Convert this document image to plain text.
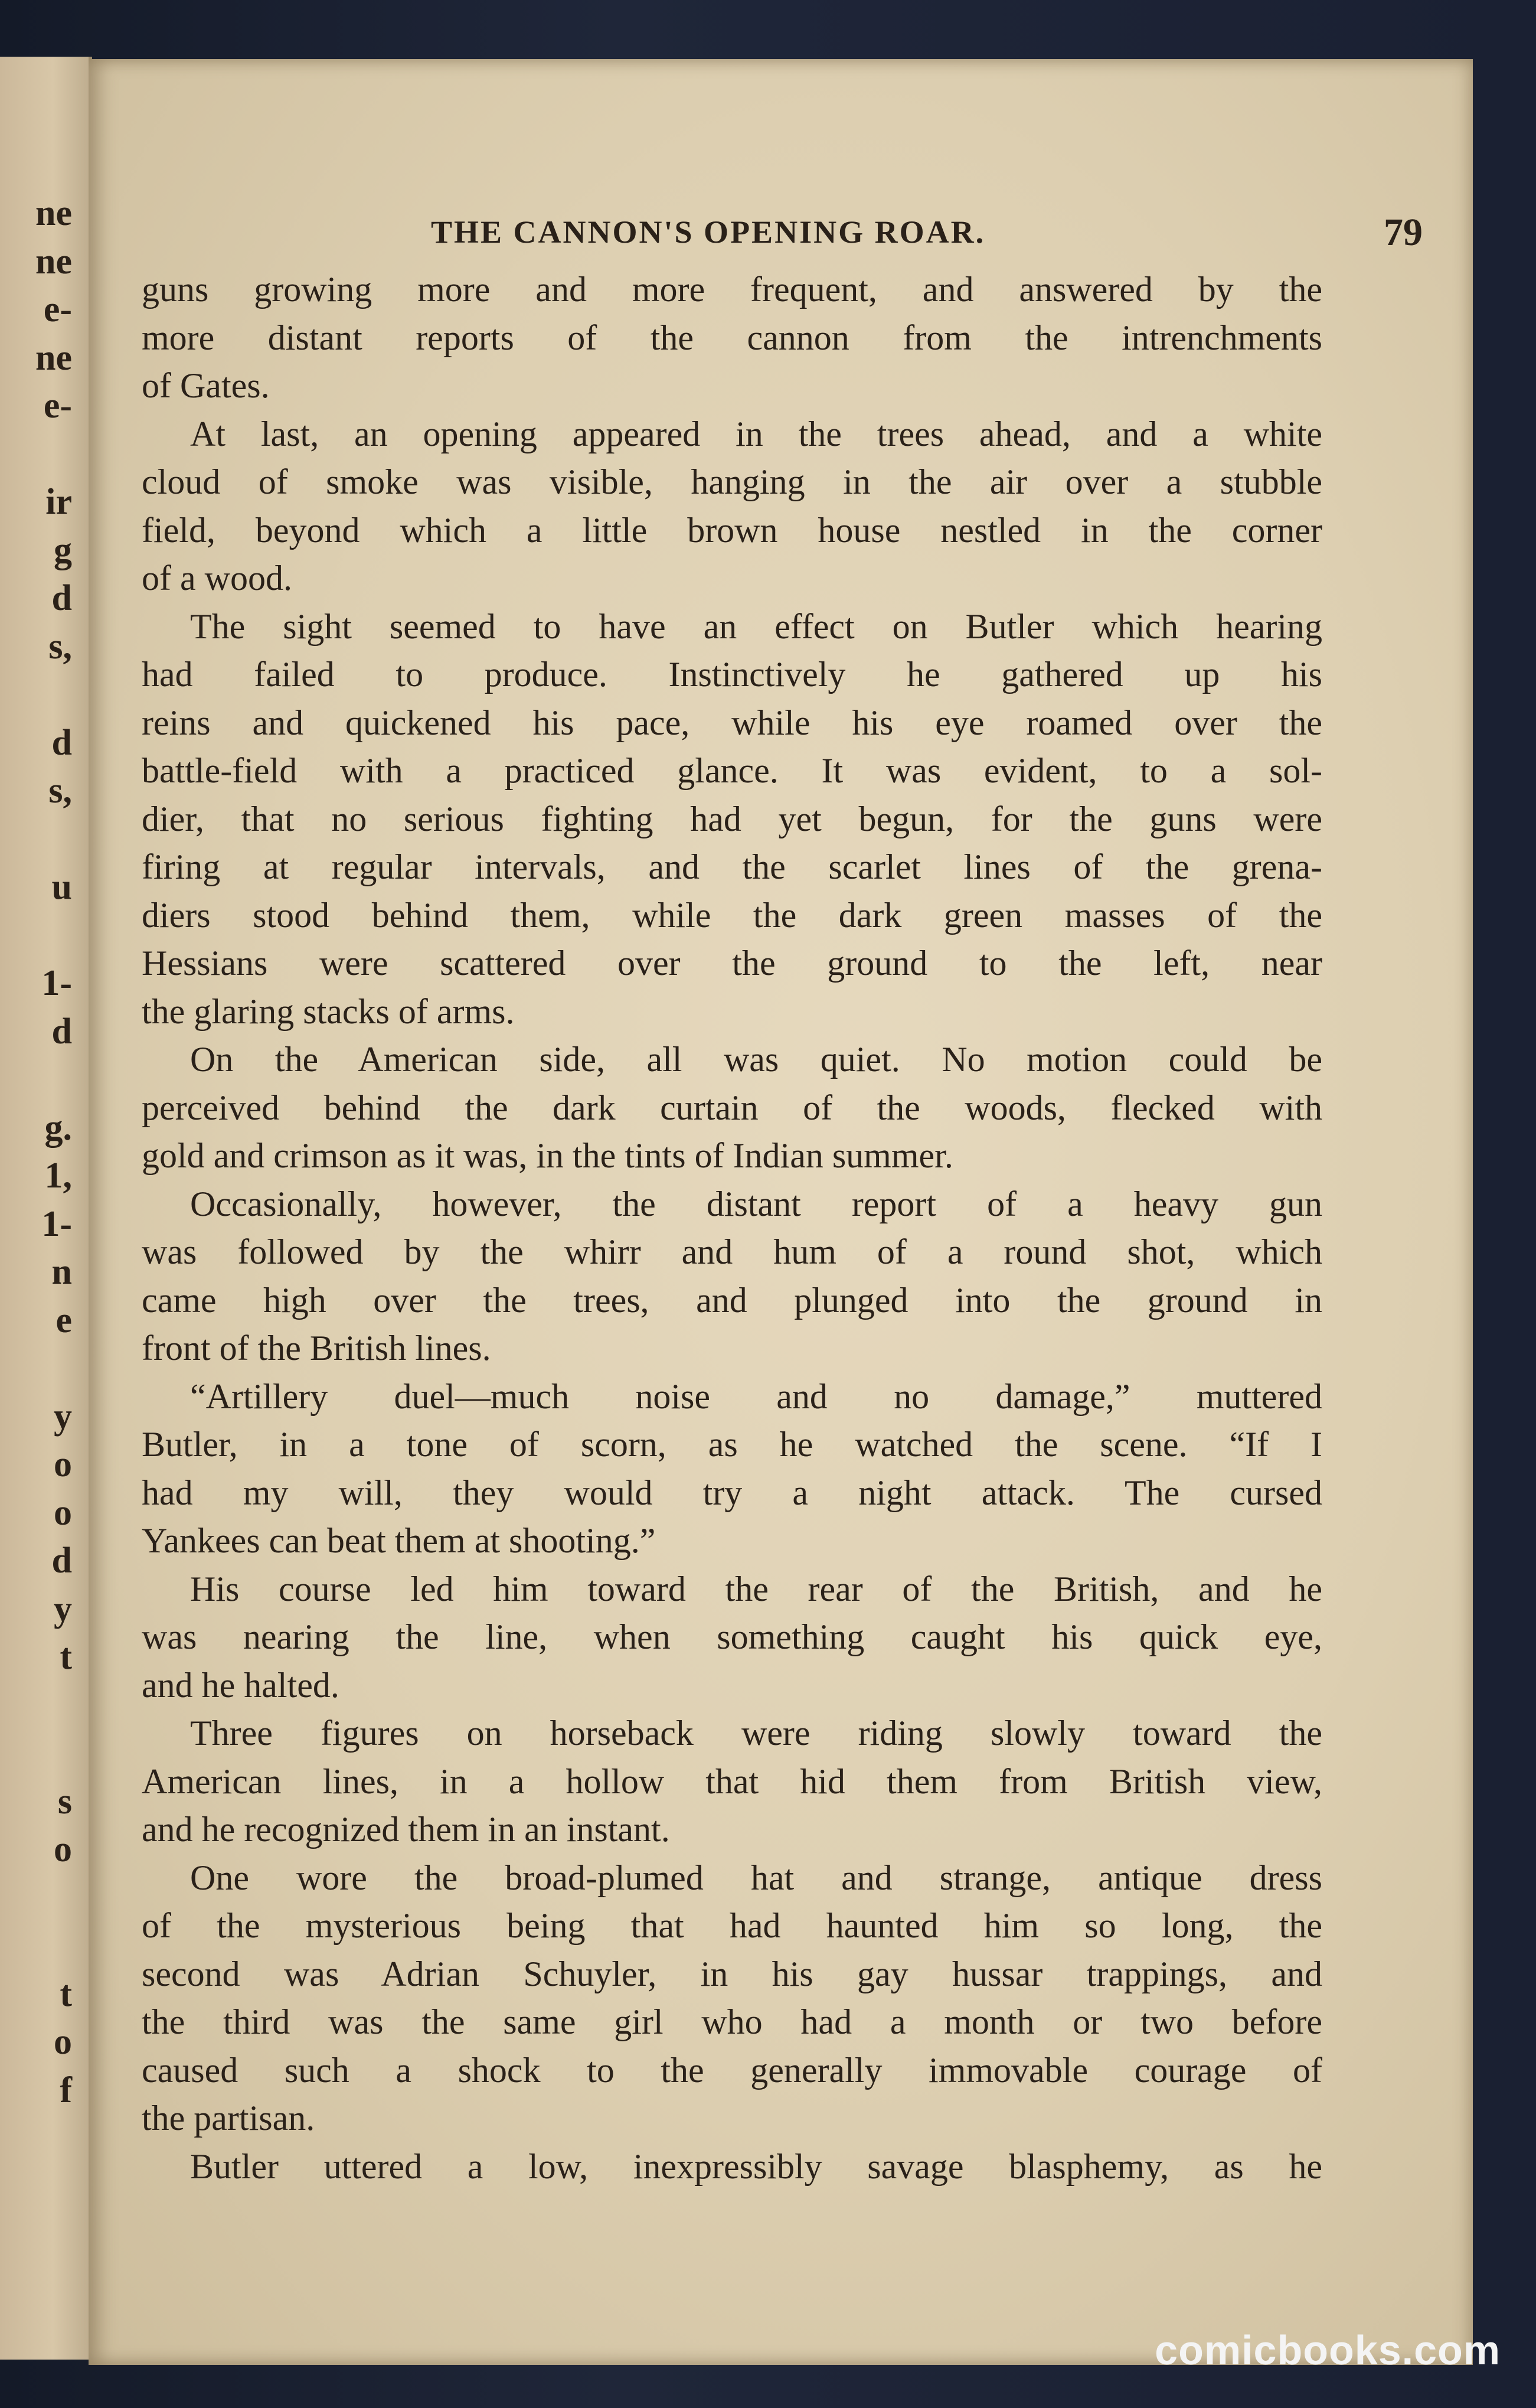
ne
ne
e-
ne
e-
ir
g
d
s,
d
s,
u
1-
d
g.
1,
1-
n
e
y
o
o
d
y
t
s
o
t
o
f
THE CANNON'S OPENING ROAR.	79
guns growing more and more frequent, and answered by the
more distant reports of the cannon from the intrenchments
of Gates.
At last, an opening appeared in the trees ahead, and a white
cloud of smoke was visible, hanging in the air over a stubble
field, beyond which a little brown house nestled in the corner
of a wood.
The sight seemed to have an effect on Butler which hearing
had failed to produce. Instinctively he gathered up his
reins and quickened his pace, while his eye roamed over the
battle-field with a practiced glance. It was evident, to a sol-
dier, that no serious fighting had yet begun, for the guns were
firing at regular intervals, and the scarlet lines of the grena-
diers stood behind them, while the dark green masses of the
Hessians were scattered over the ground to the left, near
the glaring stacks of arms.
On the American side, all was quiet. No motion could be
perceived behind the dark curtain of the woods, flecked with
gold and crimson as it was, in the tints of Indian summer.
Occasionally, however, the distant report of a heavy gun
was followed by the whirr and hum of a round shot, which
came high over the trees, and plunged into the ground in
front of the British lines.
“Artillery duel—much noise and no damage,” muttered
Butler, in a tone of scorn, as he watched the scene. “If I
had my will, they would try a night attack. The cursed
Yankees can beat them at shooting.”
His course led him toward the rear of the British, and he
was nearing the line, when something caught his quick eye,
and he halted.
Three figures on horseback were riding slowly toward the
American lines, in a hollow that hid them from British view,
and he recognized them in an instant.
One wore the broad-plumed hat and strange, antique dress
of the mysterious being that had haunted him so long, the
second was Adrian Schuyler, in his gay hussar trappings, and
the third was the same girl who had a month or two before
caused such a shock to the generally immovable courage of
the partisan.
Butler uttered a low, inexpressibly savage blasphemy, as he
comicbooks.com
